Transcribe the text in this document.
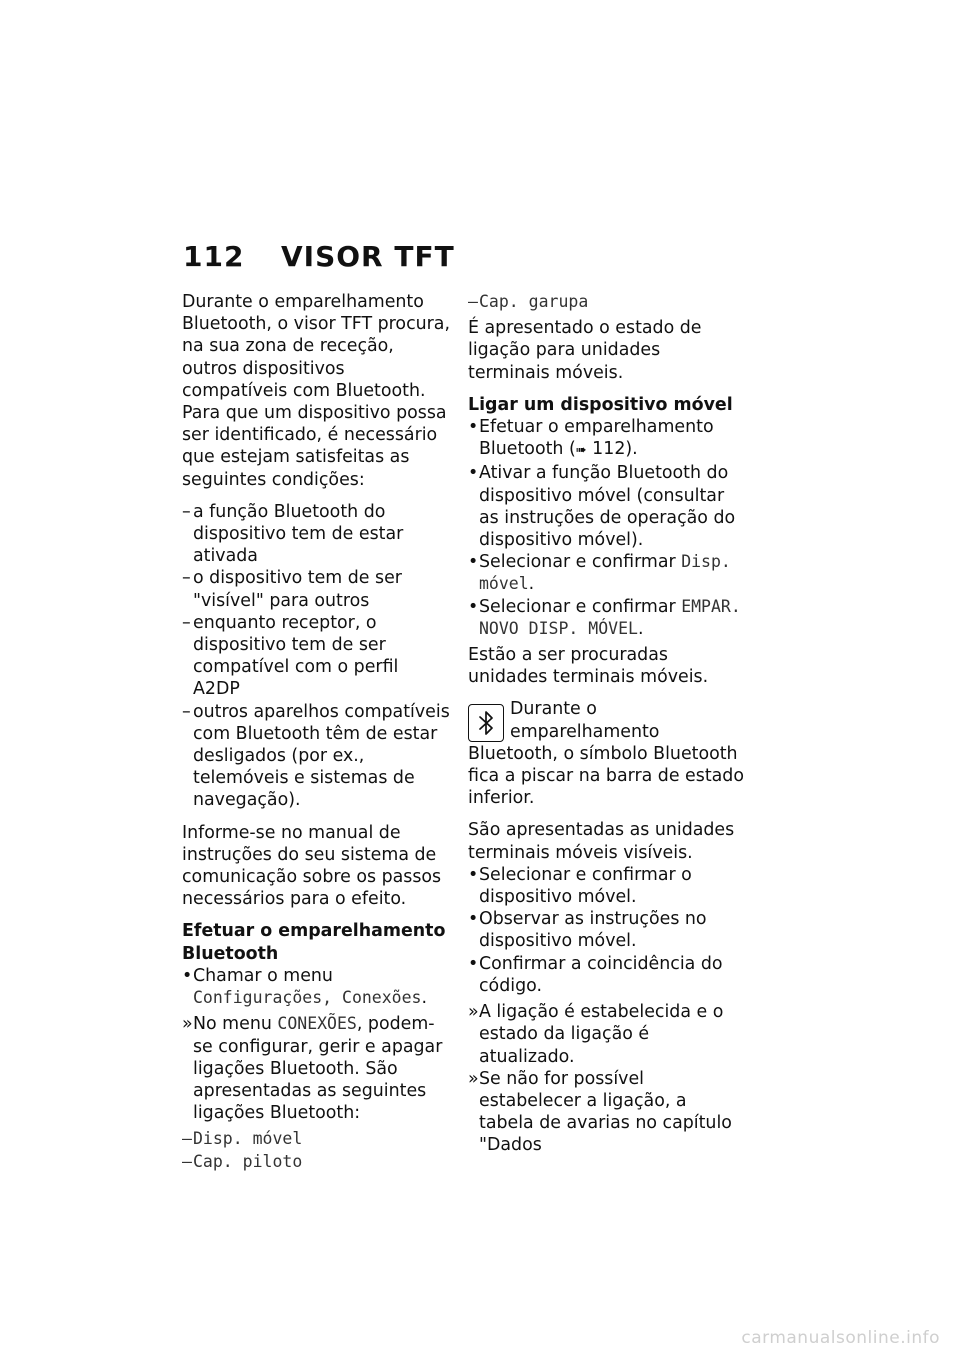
112 VISOR TFT

Durante o emparelhamento Bluetooth, o visor TFT procura, na sua zona de receção, outros dispositivos compatíveis com Bluetooth. Para que um dispositivo possa ser identificado, é necessário que estejam satisfeitas as seguintes condições:

– a função Bluetooth do dispositivo tem de estar ativada
– o dispositivo tem de ser "visível" para outros
– enquanto receptor, o dispositivo tem de ser compatível com o perfil A2DP
– outros aparelhos compatíveis com Bluetooth têm de estar desligados (por ex., telemóveis e sistemas de navegação).

Informe-se no manual de instruções do seu sistema de comunicação sobre os passos necessários para o efeito.

Efetuar o emparelhamento Bluetooth
• Chamar o menu Configurações, Conexões.
» No menu CONEXÕES, podem-se configurar, gerir e apagar ligações Bluetooth. São apresentadas as seguintes ligações Bluetooth:
– Disp. móvel
– Cap. piloto
– Cap. garupa

É apresentado o estado de ligação para unidades terminais móveis.

Ligar um dispositivo móvel
• Efetuar o emparelhamento Bluetooth (➠ 112).
• Ativar a função Bluetooth do dispositivo móvel (consultar as instruções de operação do dispositivo móvel).
• Selecionar e confirmar Disp. móvel.
• Selecionar e confirmar EMPAR. NOVO DISP. MÓVEL.

Estão a ser procuradas unidades terminais móveis.

Durante o emparelhamento Bluetooth, o símbolo Bluetooth fica a piscar na barra de estado inferior.

São apresentadas as unidades terminais móveis visíveis.

• Selecionar e confirmar o dispositivo móvel.
• Observar as instruções no dispositivo móvel.
• Confirmar a coincidência do código.
» A ligação é estabelecida e o estado da ligação é atualizado.
» Se não for possível estabelecer a ligação, a tabela de avarias no capítulo "Dados
carmanualsonline.info
